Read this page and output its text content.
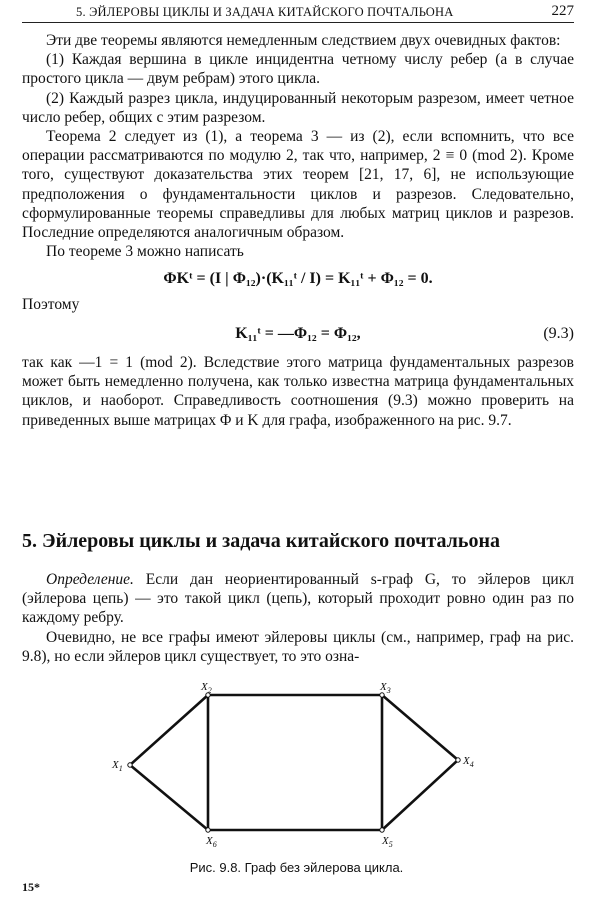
5. ЭЙЛЕРОВЫ ЦИКЛЫ И ЗАДАЧА КИТАЙСКОГО ПОЧТАЛЬОНА	227

Эти две теоремы являются немедленным следствием двух очевидных фактов:

(1) Каждая вершина в цикле инцидентна четному числу ребер (а в случае простого цикла — двум ребрам) этого цикла.

(2) Каждый разрез цикла, индуцированный некоторым разрезом, имеет четное число ребер, общих с этим разрезом.

Теорема 2 следует из (1), а теорема 3 — из (2), если вспомнить, что все операции рассматриваются по модулю 2, так что, например, 2 ≡ 0 (mod 2). Кроме того, существуют доказательства этих теорем [21, 17, 6], не использующие предположения о фундаментальности циклов и разрезов. Следовательно, сформулированные теоремы справедливы для любых матриц циклов и разрезов. Последние определяются аналогичным образом.

По теореме 3 можно написать

ΦKᵗ = (I | Φ₁₂)·(K₁₁ᵗ / I) = K₁₁ᵗ + Φ₁₂ = 0.

Поэтому

K₁₁ᵗ = —Φ₁₂ = Φ₁₂,	(9.3)

так как —1 = 1 (mod 2). Вследствие этого матрица фундаментальных разрезов может быть немедленно получена, как только известна матрица фундаментальных циклов, и наоборот. Справедливость соотношения (9.3) можно проверить на приведенных выше матрицах Φ и K для графа, изображенного на рис. 9.7.

5. Эйлеровы циклы и задача китайского почтальона

Определение. Если дан неориентированный s-граф G, то эйлеров цикл (эйлерова цепь) — это такой цикл (цепь), который проходит ровно один раз по каждому ребру.

Очевидно, не все графы имеют эйлеровы циклы (см., например, граф на рис. 9.8), но если эйлеров цикл существует, то это озна-

$X_1$
$X_2$	$X_3$
$X_4$
$X_5$
$X_6$
Рис. 9.8. Граф без эйлерова цикла.
15*
